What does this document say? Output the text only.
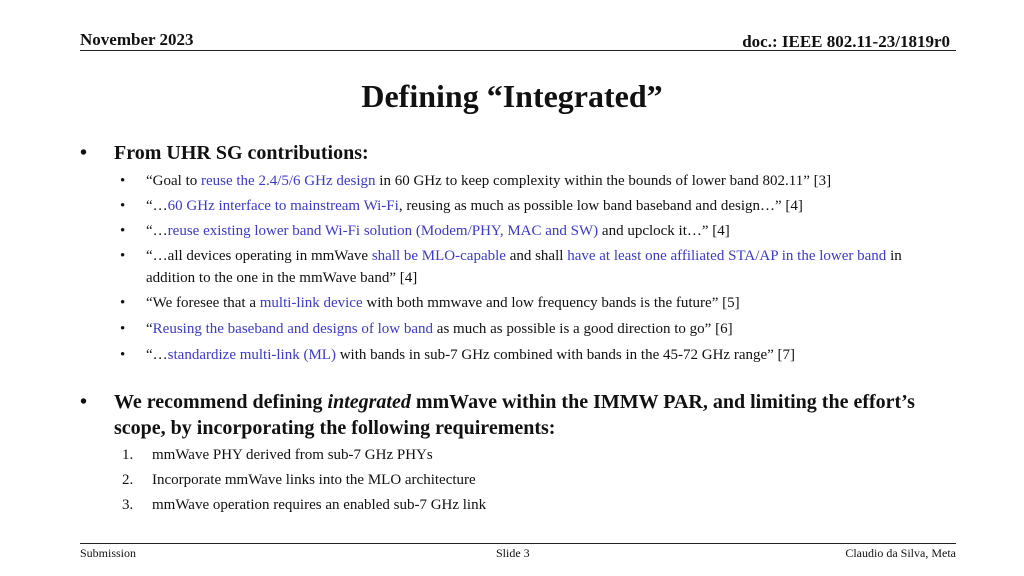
November 2023	doc.: IEEE 802.11-23/1819r0
Defining “Integrated”
• From UHR SG contributions:
• “Goal to reuse the 2.4/5/6 GHz design in 60 GHz to keep complexity within the bounds of lower band 802.11” [3]
• “…60 GHz interface to mainstream Wi-Fi, reusing as much as possible low band baseband and design…” [4]
• “…reuse existing lower band Wi-Fi solution (Modem/PHY, MAC and SW) and upclock it…” [4]
• “…all devices operating in mmWave shall be MLO-capable and shall have at least one affiliated STA/AP in the lower band in addition to the one in the mmWave band” [4]
• “We foresee that a multi-link device with both mmwave and low frequency bands is the future” [5]
• “Reusing the baseband and designs of low band as much as possible is a good direction to go” [6]
• “…standardize multi-link (ML) with bands in sub-7 GHz combined with bands in the 45-72 GHz range” [7]
• We recommend defining integrated mmWave within the IMMW PAR, and limiting the effort’s scope, by incorporating the following requirements:
1. mmWave PHY derived from sub-7 GHz PHYs
2. Incorporate mmWave links into the MLO architecture
3. mmWave operation requires an enabled sub-7 GHz link
Submission	Slide 3	Claudio da Silva, Meta
